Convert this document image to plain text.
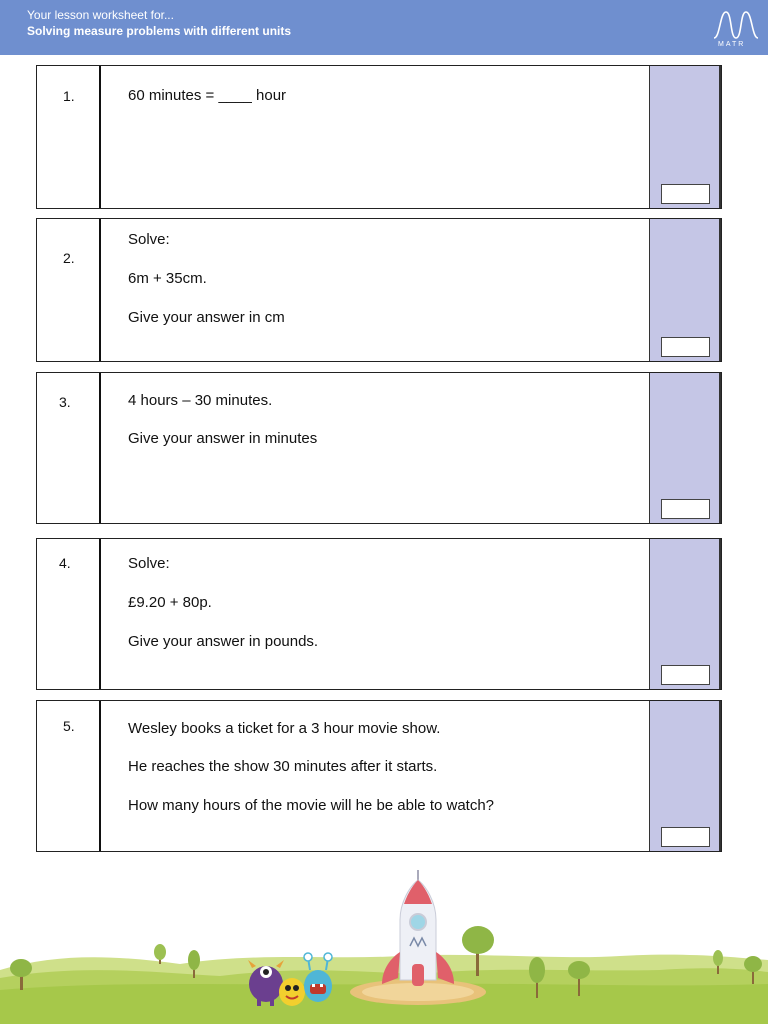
Your lesson worksheet for...
Solving measure problems with different units
MATR
1.	60 minutes = ____ hour
2.
Solve:
6m + 35cm.
Give your answer in cm
3.	4 hours – 30 minutes.
Give your answer in minutes
4.	Solve:
£9.20 + 80p.
Give your answer in pounds.
5.	Wesley books a ticket for a 3 hour movie show.
He reaches the show 30 minutes after it starts.
How many hours of the movie will he be able to watch?
